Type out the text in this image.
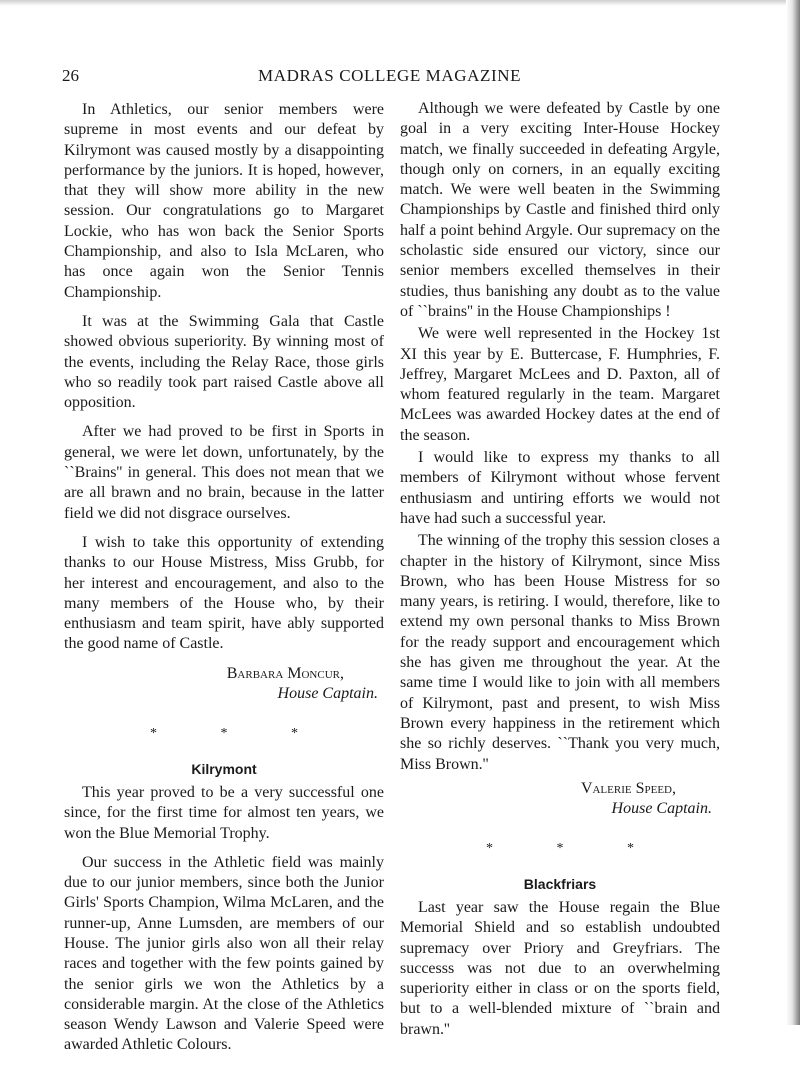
26	MADRAS COLLEGE MAGAZINE

In Athletics, our senior members were supreme in most events and our defeat by Kilrymont was caused mostly by a disappointing performance by the juniors. It is hoped, however, that they will show more ability in the new session. Our congratulations go to Margaret Lockie, who has won back the Senior Sports Championship, and also to Isla McLaren, who has once again won the Senior Tennis Championship.

It was at the Swimming Gala that Castle showed obvious superiority. By winning most of the events, including the Relay Race, those girls who so readily took part raised Castle above all opposition.

After we had proved to be first in Sports in general, we were let down, unfortunately, by the ``Brains'' in general. This does not mean that we are all brawn and no brain, because in the latter field we did not disgrace ourselves.

I wish to take this opportunity of extending thanks to our House Mistress, Miss Grubb, for her interest and encouragement, and also to the many members of the House who, by their enthusiasm and team spirit, have ably supported the good name of Castle.

Barbara Moncur,
House Captain.
* * *
Kilrymont

This year proved to be a very successful one since, for the first time for almost ten years, we won the Blue Memorial Trophy.

Our success in the Athletic field was mainly due to our junior members, since both the Junior Girls' Sports Champion, Wilma McLaren, and the runner-up, Anne Lumsden, are members of our House. The junior girls also won all their relay races and together with the few points gained by the senior girls we won the Athletics by a considerable margin. At the close of the Athletics season Wendy Lawson and Valerie Speed were awarded Athletic Colours.

Although we were defeated by Castle by one goal in a very exciting Inter-House Hockey match, we finally succeeded in defeating Argyle, though only on corners, in an equally exciting match. We were well beaten in the Swimming Championships by Castle and finished third only half a point behind Argyle. Our supremacy on the scholastic side ensured our victory, since our senior members excelled themselves in their studies, thus banishing any doubt as to the value of ``brains'' in the House Championships !

We were well represented in the Hockey 1st XI this year by E. Buttercase, F. Humphries, F. Jeffrey, Margaret McLees and D. Paxton, all of whom featured regularly in the team. Margaret McLees was awarded Hockey dates at the end of the season.

I would like to express my thanks to all members of Kilrymont without whose fervent enthusiasm and untiring efforts we would not have had such a successful year.

The winning of the trophy this session closes a chapter in the history of Kilrymont, since Miss Brown, who has been House Mistress for so many years, is retiring. I would, therefore, like to extend my own personal thanks to Miss Brown for the ready support and encouragement which she has given me throughout the year. At the same time I would like to join with all members of Kilrymont, past and present, to wish Miss Brown every happiness in the retirement which she so richly deserves. ``Thank you very much, Miss Brown.''

Valerie Speed,
House Captain.
* * *
Blackfriars

Last year saw the House regain the Blue Memorial Shield and so establish undoubted supremacy over Priory and Greyfriars. The successs was not due to an overwhelming superiority either in class or on the sports field, but to a well-blended mixture of ``brain and brawn.''
